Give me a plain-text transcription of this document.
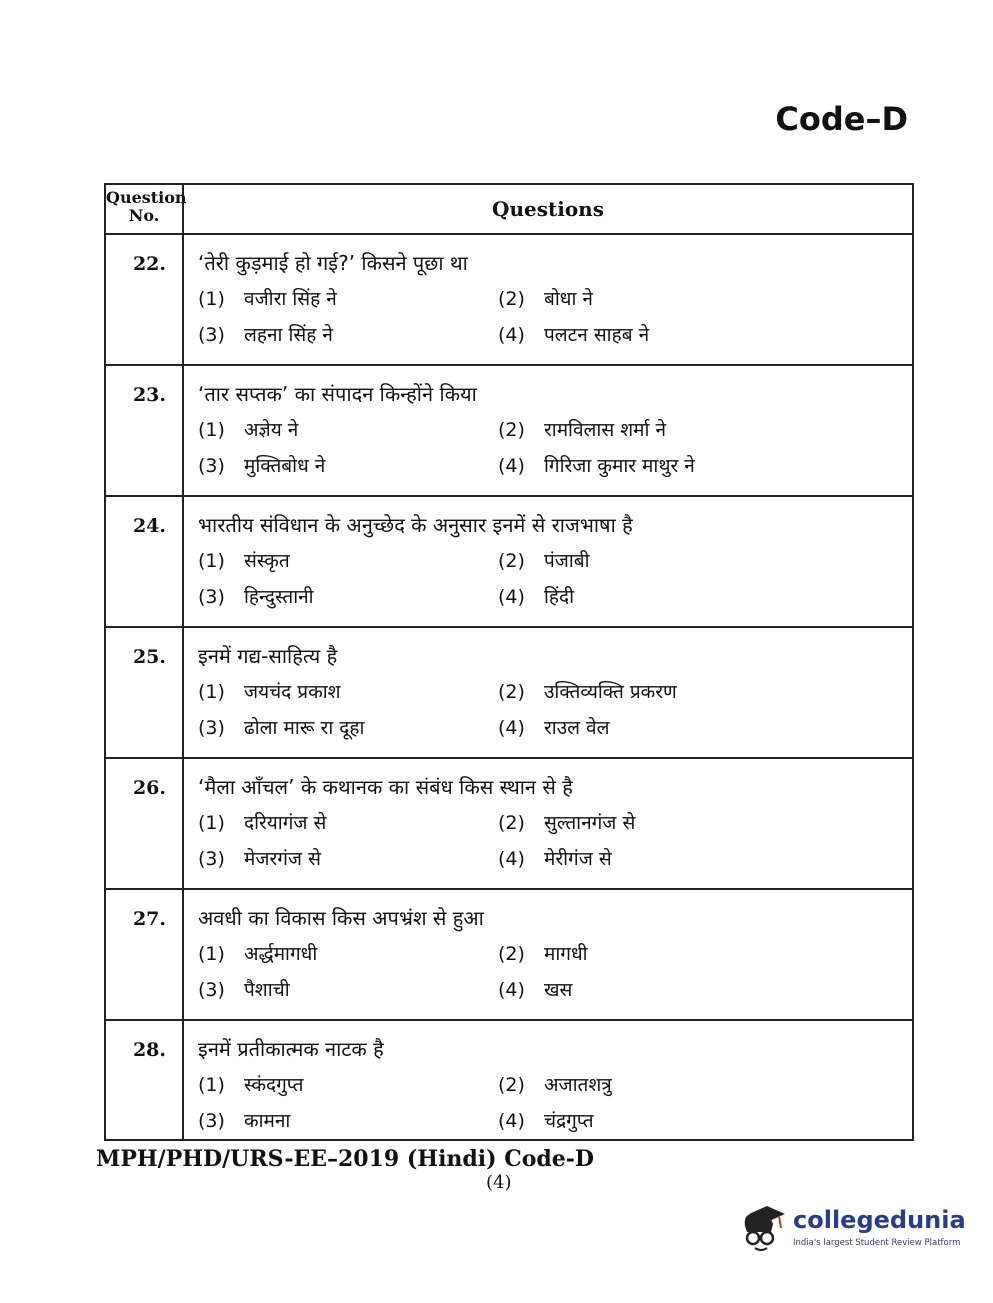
Code–D
Question
No.	Questions
22.	‘तेरी कुड़माई हो गई?’ किसने पूछा था
(1) वजीरा सिंह ने	(2) बोधा ने
(3) लहना सिंह ने	(4) पलटन साहब ने
23.	‘तार सप्तक’ का संपादन किन्होंने किया
(1) अज्ञेय ने	(2) रामविलास शर्मा ने
(3) मुक्तिबोध ने	(4) गिरिजा कुमार माथुर ने
24.	भारतीय संविधान के अनुच्छेद के अनुसार इनमें से राजभाषा है
(1) संस्कृत	(2) पंजाबी
(3) हिन्दुस्तानी	(4) हिंदी
25.	इनमें गद्य-साहित्य है
(1) जयचंद प्रकाश	(2) उक्तिव्यक्ति प्रकरण
(3) ढोला मारू रा दूहा	(4) राउल वेल
26.	‘मैला आँचल’ के कथानक का संबंध किस स्थान से है
(1) दरियागंज से	(2) सुल्तानगंज से
(3) मेजरगंज से	(4) मेरीगंज से
27.	अवधी का विकास किस अपभ्रंश से हुआ
(1) अर्द्धमागधी	(2) मागधी
(3) पैशाची	(4) खस
28.	इनमें प्रतीकात्मक नाटक है
(1) स्कंदगुप्त	(2) अजातशत्रु
(3) कामना	(4) चंद्रगुप्त
MPH/PHD/URS-EE–2019 (Hindi) Code-D
(4)
collegedunia
India's largest Student Review Platform
